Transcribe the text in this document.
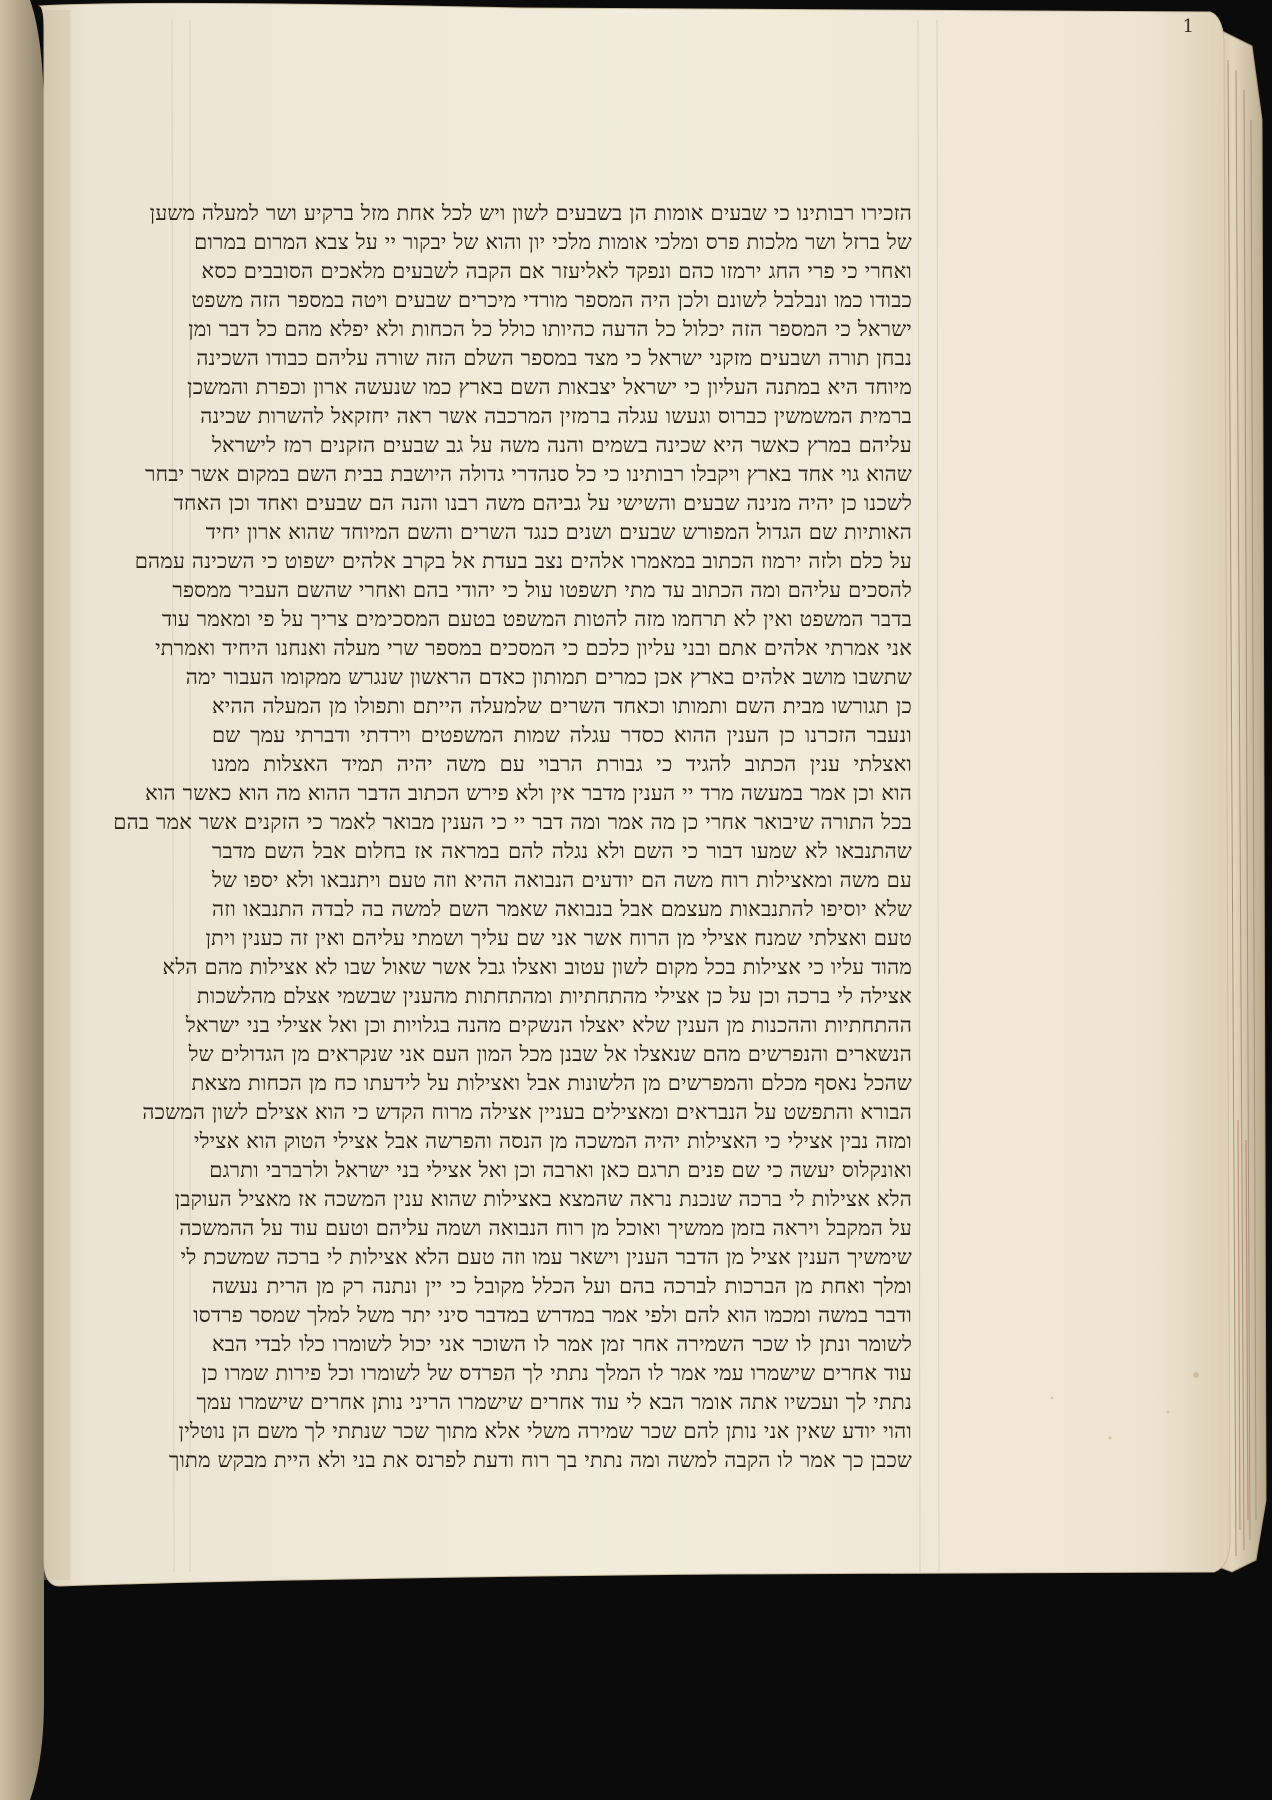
1
הזכירו רבותינו כי שבעים אומות הן בשבעים לשון ויש לכל אחת מזל ברקיע ושר למעלה משען
של ברזל ושר מלכות פרס ומלכי אומות מלכי יון והוא של יבקור יי על צבא המרום במרום
ואחרי כי פרי החג ירמזו כהם ונפקד לאליעזר אם הקבה לשבעים מלאכים הסובבים כסא
כבודו כמו ונבלבל לשונם ולכן היה המספר מורדי מיכרים שבעים ויטה במספר הזה משפט
ישראל כי המספר הזה יכלול כל הדעה כהיותו כולל כל הכחות ולא יפלא מהם כל דבר ומן
נבחן תורה ושבעים מזקני ישראל כי מצד במספר השלם הזה שורה עליהם כבודו השכינה
מיוחד היא במתנה העליון כי ישראל יצבאות השם בארץ כמו שנעשה ארון וכפרת והמשכן
ברמית המשמשין כברוס וגעשו עגלה ברמזין המרכבה אשר ראה יחזקאל להשרות שכינה
עליהם במרץ כאשר היא שכינה בשמים והנה משה על גב שבעים הזקנים רמז לישראל
שהוא גוי אחד בארץ ויקבלו רבותינו כי כל סנהדרי גדולה היושבת בבית השם במקום אשר יבחר
לשכנו כן יהיה מנינה שבעים והשישי על גביהם משה רבנו והנה הם שבעים ואחד וכן האחד
האותיות שם הגדול המפורש שבעים ושנים כנגד השרים והשם המיוחד שהוא ארון יחיד
על כלם ולזה ירמוז הכתוב במאמרו אלהים נצב בעדת אל בקרב אלהים ישפוט כי השכינה עמהם
להסכים עליהם ומה הכתוב עד מתי תשפטו עול כי יהודי בהם ואחרי שהשם העביר ממספר
בדבר המשפט ואין לא תרחמו מזה להטות המשפט בטעם המסכימים צריך על פי ומאמר עוד
אני אמרתי אלהים אתם ובני עליון כלכם כי המסכים במספר שרי מעלה ואנחנו היחיד ואמרתי
שתשבו מושב אלהים בארץ אכן כמרים תמותון כאדם הראשון שנגרש ממקומו העבור ימה
כן תגורשו מבית השם ותמותו וכאחד השרים שלמעלה הייתם ותפולו מן המעלה ההיא
ונעבר הזכרנו כן הענין ההוא כסדר עגלה שמות המשפטים וירדתי ודברתי עמך שם
ואצלתי ענין הכתוב להגיד כי גבורת הרבוי עם משה יהיה תמיד האצלות ממנו
הוא וכן אמר במעשה מרד יי הענין מדבר אין ולא פירש הכתוב הדבר ההוא מה הוא כאשר הוא
בכל התורה שיבואר אחרי כן מה אמר ומה דבר יי כי הענין מבואר לאמר כי הזקנים אשר אמר בהם
שהתנבאו לא שמעו דבור כי השם ולא נגלה להם במראה אז בחלום אבל השם מדבר
עם משה ומאצילות רוח משה הם יודעים הנבואה ההיא וזה טעם ויתנבאו ולא יספו של
שלא יוסיפו להתנבאות מעצמם אבל בנבואה שאמר השם למשה בה לבדה התנבאו וזה
טעם ואצלתי שמנח אצילי מן הרוח אשר אני שם עליך ושמתי עליהם ואין זה כענין ויתן
מהוד עליו כי אצילות בכל מקום לשון עטוב ואצלו גבל אשר שאול שבו לא אצילות מהם הלא
אצילה לי ברכה וכן על כן אצילי מהתחתיות ומהתחתות מהענין שבשמי אצלם מהלשכות
ההתחתיות וההכנות מן הענין שלא יאצלו הנשקים מהנה בגלויות וכן ואל אצילי בני ישראל
הנשארים והנפרשים מהם שנאצלו אל שבנן מכל המון העם אני שנקראים מן הגדולים של
שהכל נאסף מכלם והמפרשים מן הלשונות אבל ואצילות על לידעתו כח מן הכחות מצאת
הבורא והתפשט על הנבראים ומאצילים בעניין אצילה מרוח הקדש כי הוא אצילם לשון המשכה
ומזה נבין אצילי כי האצילות יהיה המשכה מן הנסה והפרשה אבל אצילי הטוק הוא אצילי
ואונקלוס יעשה כי שם פנים תרגם כאן וארבה וכן ואל אצילי בני ישראל ולרברבי ותרגם
הלא אצילות לי ברכה שנכנת נראה שהמצא באצילות שהוא ענין המשכה אז מאציל העוקבן
על המקבל ויראה בזמן ממשיך ואוכל מן רוח הנבואה ושמה עליהם וטעם עוד על ההמשכה
שימשיך הענין אציל מן הדבר הענין וישאר עמו וזה טעם הלא אצילות לי ברכה שמשכת לי
ומלך ואחת מן הברכות לברכה בהם ועל הכלל מקובל כי יין ונתנה רק מן הרית נעשה
ודבר במשה ומכמו הוא להם ולפי אמר במדרש במדבר סיני יתר משל למלך שמסר פרדסו
לשומר ונתן לו שכר השמירה אחר זמן אמר לו השוכר אני יכול לשומרו כלו לבדי הבא
עוד אחרים שישמרו עמי אמר לו המלך נתתי לך הפרדס של לשומרו וכל פירות שמרו כן
נתתי לך ועכשיו אתה אומר הבא לי עוד אחרים שישמרו הריני נותן אחרים שישמרו עמך
והוי יודע שאין אני נותן להם שכר שמירה משלי אלא מתוך שכר שנתתי לך משם הן נוטלין
שכבן כך אמר לו הקבה למשה ומה נתתי בך רוח ודעת לפרנס את בני ולא היית מבקש מתוך
